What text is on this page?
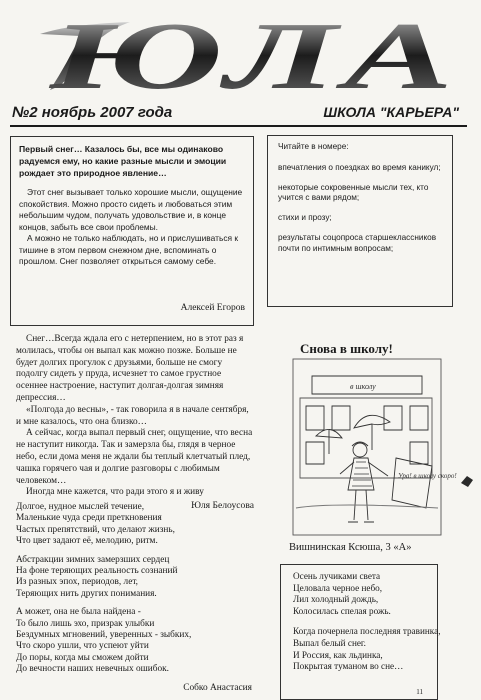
ЮЛА
№2 ноябрь 2007 года	ШКОЛА "КАРЬЕРА"

Первый снег… Казалось бы, все мы одинаково радуемся ему, но какие разные мысли и эмоции рождает это природное явление…

Этот снег вызывает только хорошие мысли, ощущение спокойствия. Можно просто сидеть и любоваться этим небольшим чудом, получать удовольствие и, в конце концов, забыть все свои проблемы.

А можно не только наблюдать, но и прислушиваться к тишине в этом первом снежном дне, вспоминать о прошлом. Снег позволяет открыться самому себе.

Алексей Егоров

Снег…Всегда ждала его с нетерпением, но в этот раз я молилась, чтобы он выпал как можно позже. Больше не будет долгих прогулок с друзьями, больше не смогу подолгу сидеть у пруда, исчезнет то самое грустное осеннее настроение, наступит долгая-долгая зимняя депрессия…

«Полгода до весны», - так говорила я в начале сентября, и мне казалось, что она близко…

А сейчас, когда выпал первый снег, ощущение, что весна не наступит никогда. Так и замерзла бы, глядя в черное небо, если дома меня не ждали бы теплый клетчатый плед, чашка горячего чая и долгие разговоры с любимым человеком…

Иногда мне кажется, что ради этого я и живу

Юля Белоусова
Долгое, нудное мыслей течение,
Маленькие чуда среди преткновения
Частых препятствий, что делают жизнь,
Что цвет задают её, мелодию, ритм.
Абстракции зимних замерзших сердец
На фоне теряющих реальность сознаний
Из разных эпох, периодов, лет,
Теряющих нить других понимания.
А может, она не была найдена -
То было лишь эхо, призрак улыбки
Бездумных мгновений, уверенных - зыбких,
Что скоро ушли, что успеют уйти
До поры, когда мы сможем дойти
До вечности наших невечных ошибок.
Собко Анастасия
Читайте в номере:
впечатления о поездках во время каникул;
некоторые сокровенные мысли тех, кто учится с вами рядом;
стихи и прозу;
результаты соцопроса старшеклассников почти по интимным вопросам;
Снова в школу!
в школу
Ура! в школу скоро!
Вишнинская Ксюша, 3 «А»
Осень лучиками света
Целовала черное небо,
Лил холодный дождь,
Колосилась спелая рожь.
Когда почернела последняя травинка,
Выпал белый снег.
И Россия, как льдинка,
Покрытая туманом во сне…
11
